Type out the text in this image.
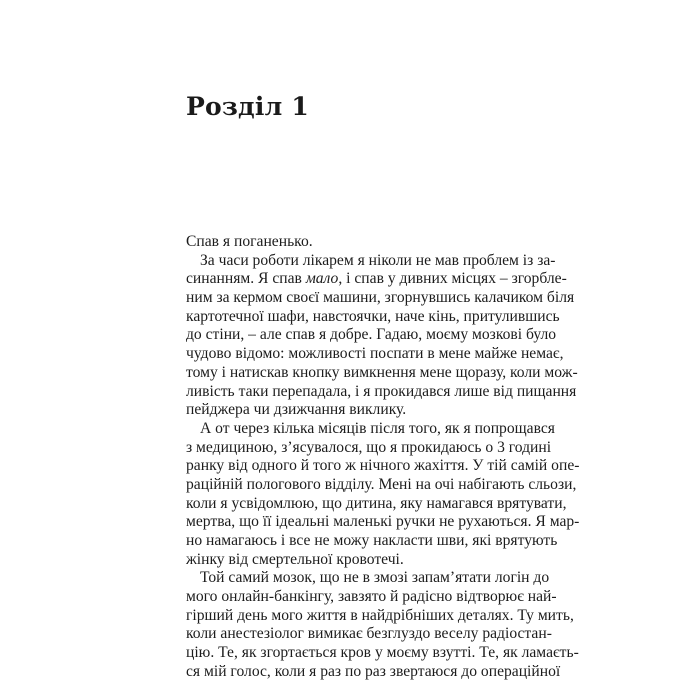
Розділ 1
Спав я поганенько.
За часи роботи лікарем я ніколи не мав проблем із за-
синанням. Я спав мало, і спав у дивних місцях – згорбле-
ним за кермом своєї машини, згорнувшись калачиком біля
картотечної шафи, навстоячки, наче кінь, притулившись
до стіни, – але спав я добре. Гадаю, моєму мозкові було
чудово відомо: можливості поспати в мене майже немає,
тому і натискав кнопку вимкнення мене щоразу, коли мож-
ливість таки перепадала, і я прокидався лише від пищання
пейджера чи дзижчання виклику.
А от через кілька місяців після того, як я попрощався
з медициною, з’ясувалося, що я прокидаюсь о 3 годині
ранку від одного й того ж нічного жахіття. У тій самій опе-
раційній пологового відділу. Мені на очі набігають сльози,
коли я усвідомлюю, що дитина, яку намагався врятувати,
мертва, що її ідеальні маленькі ручки не рухаються. Я мар-
но намагаюсь і все не можу накласти шви, які врятують
жінку від смертельної кровотечі.
Той самий мозок, що не в змозі запам’ятати логін до
мого онлайн-банкінгу, завзято й радісно відтворює най-
гірший день мого життя в найдрібніших деталях. Ту мить,
коли анестезіолог вимикає безглуздо веселу радіостан-
цію. Те, як згортається кров у моєму взутті. Те, як ламаєть-
ся мій голос, коли я раз по раз звертаюся до операційної
